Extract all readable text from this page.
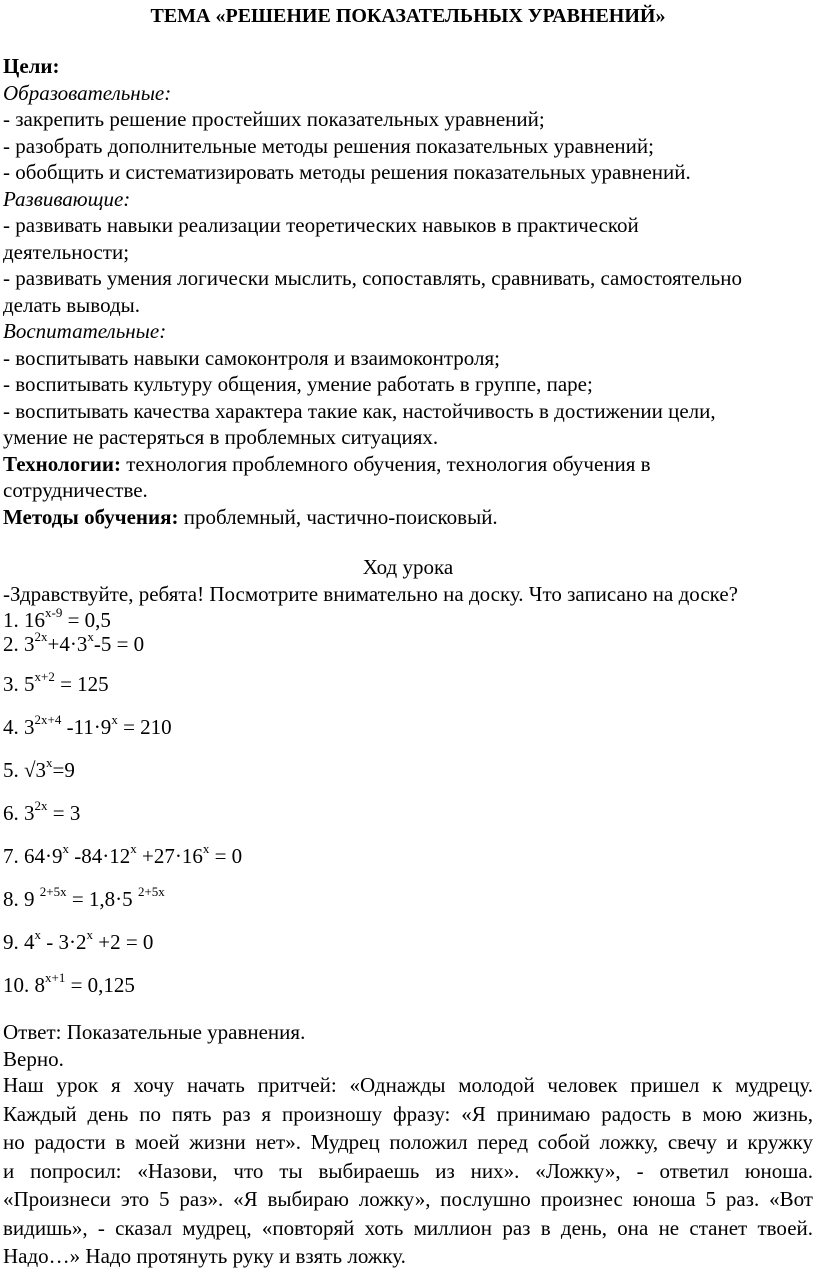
ТЕМА «РЕШЕНИЕ ПОКАЗАТЕЛЬНЫХ УРАВНЕНИЙ»
Цели:
Образовательные:
- закрепить решение простейших показательных уравнений;
- разобрать дополнительные методы решения показательных уравнений;
- обобщить и систематизировать методы решения показательных уравнений.
Развивающие:
- развивать навыки реализации теоретических навыков в практической
деятельности;
- развивать умения логически мыслить, сопоставлять, сравнивать, самостоятельно
делать выводы.
Воспитательные:
- воспитывать навыки самоконтроля и взаимоконтроля;
- воспитывать культуру общения, умение работать в группе, паре;
- воспитывать качества характера такие как, настойчивость в достижении цели,
умение не растеряться в проблемных ситуациях.
Технологии: технология проблемного обучения, технология обучения в
сотрудничестве.
Методы обучения: проблемный, частично-поисковый.
Ход урока
-Здравствуйте, ребята! Посмотрите внимательно на доску. Что записано на доске?
1. $16^{x-9} = 0,5$
2. $3^{2x}+4\cdot 3^x-5 = 0$
3. $5^{x+2} = 125$
4. $3^{2x+4}$ $-11\cdot 9^x = 210$
5. $√3^x=9$
6. $3^{2x} = 3$
7. $64\cdot 9^x$ $-84\cdot 12^x +27\cdot 16^x = 0$
8. 9 $^{2+5x}$ = 1,8·5 $^{2+5x}$
9. $4^x - 3\cdot 2^x +2 = 0$
10. $8^{x+1} = 0,125$
Ответ: Показательные уравнения.
Верно.
Наш урок я хочу начать притчей: «Однажды молодой человек пришел к мудрецу.
Каждый день по пять раз я произношу фразу: «Я принимаю радость в мою жизнь,
но радости в моей жизни нет». Мудрец положил перед собой ложку, свечу и кружку
и попросил: «Назови, что ты выбираешь из них». «Ложку», - ответил юноша.
«Произнеси это 5 раз». «Я выбираю ложку», послушно произнес юноша 5 раз. «Вот
видишь», - сказал мудрец, «повторяй хоть миллион раз в день, она не станет твоей.
Надо…» Надо протянуть руку и взять ложку.
